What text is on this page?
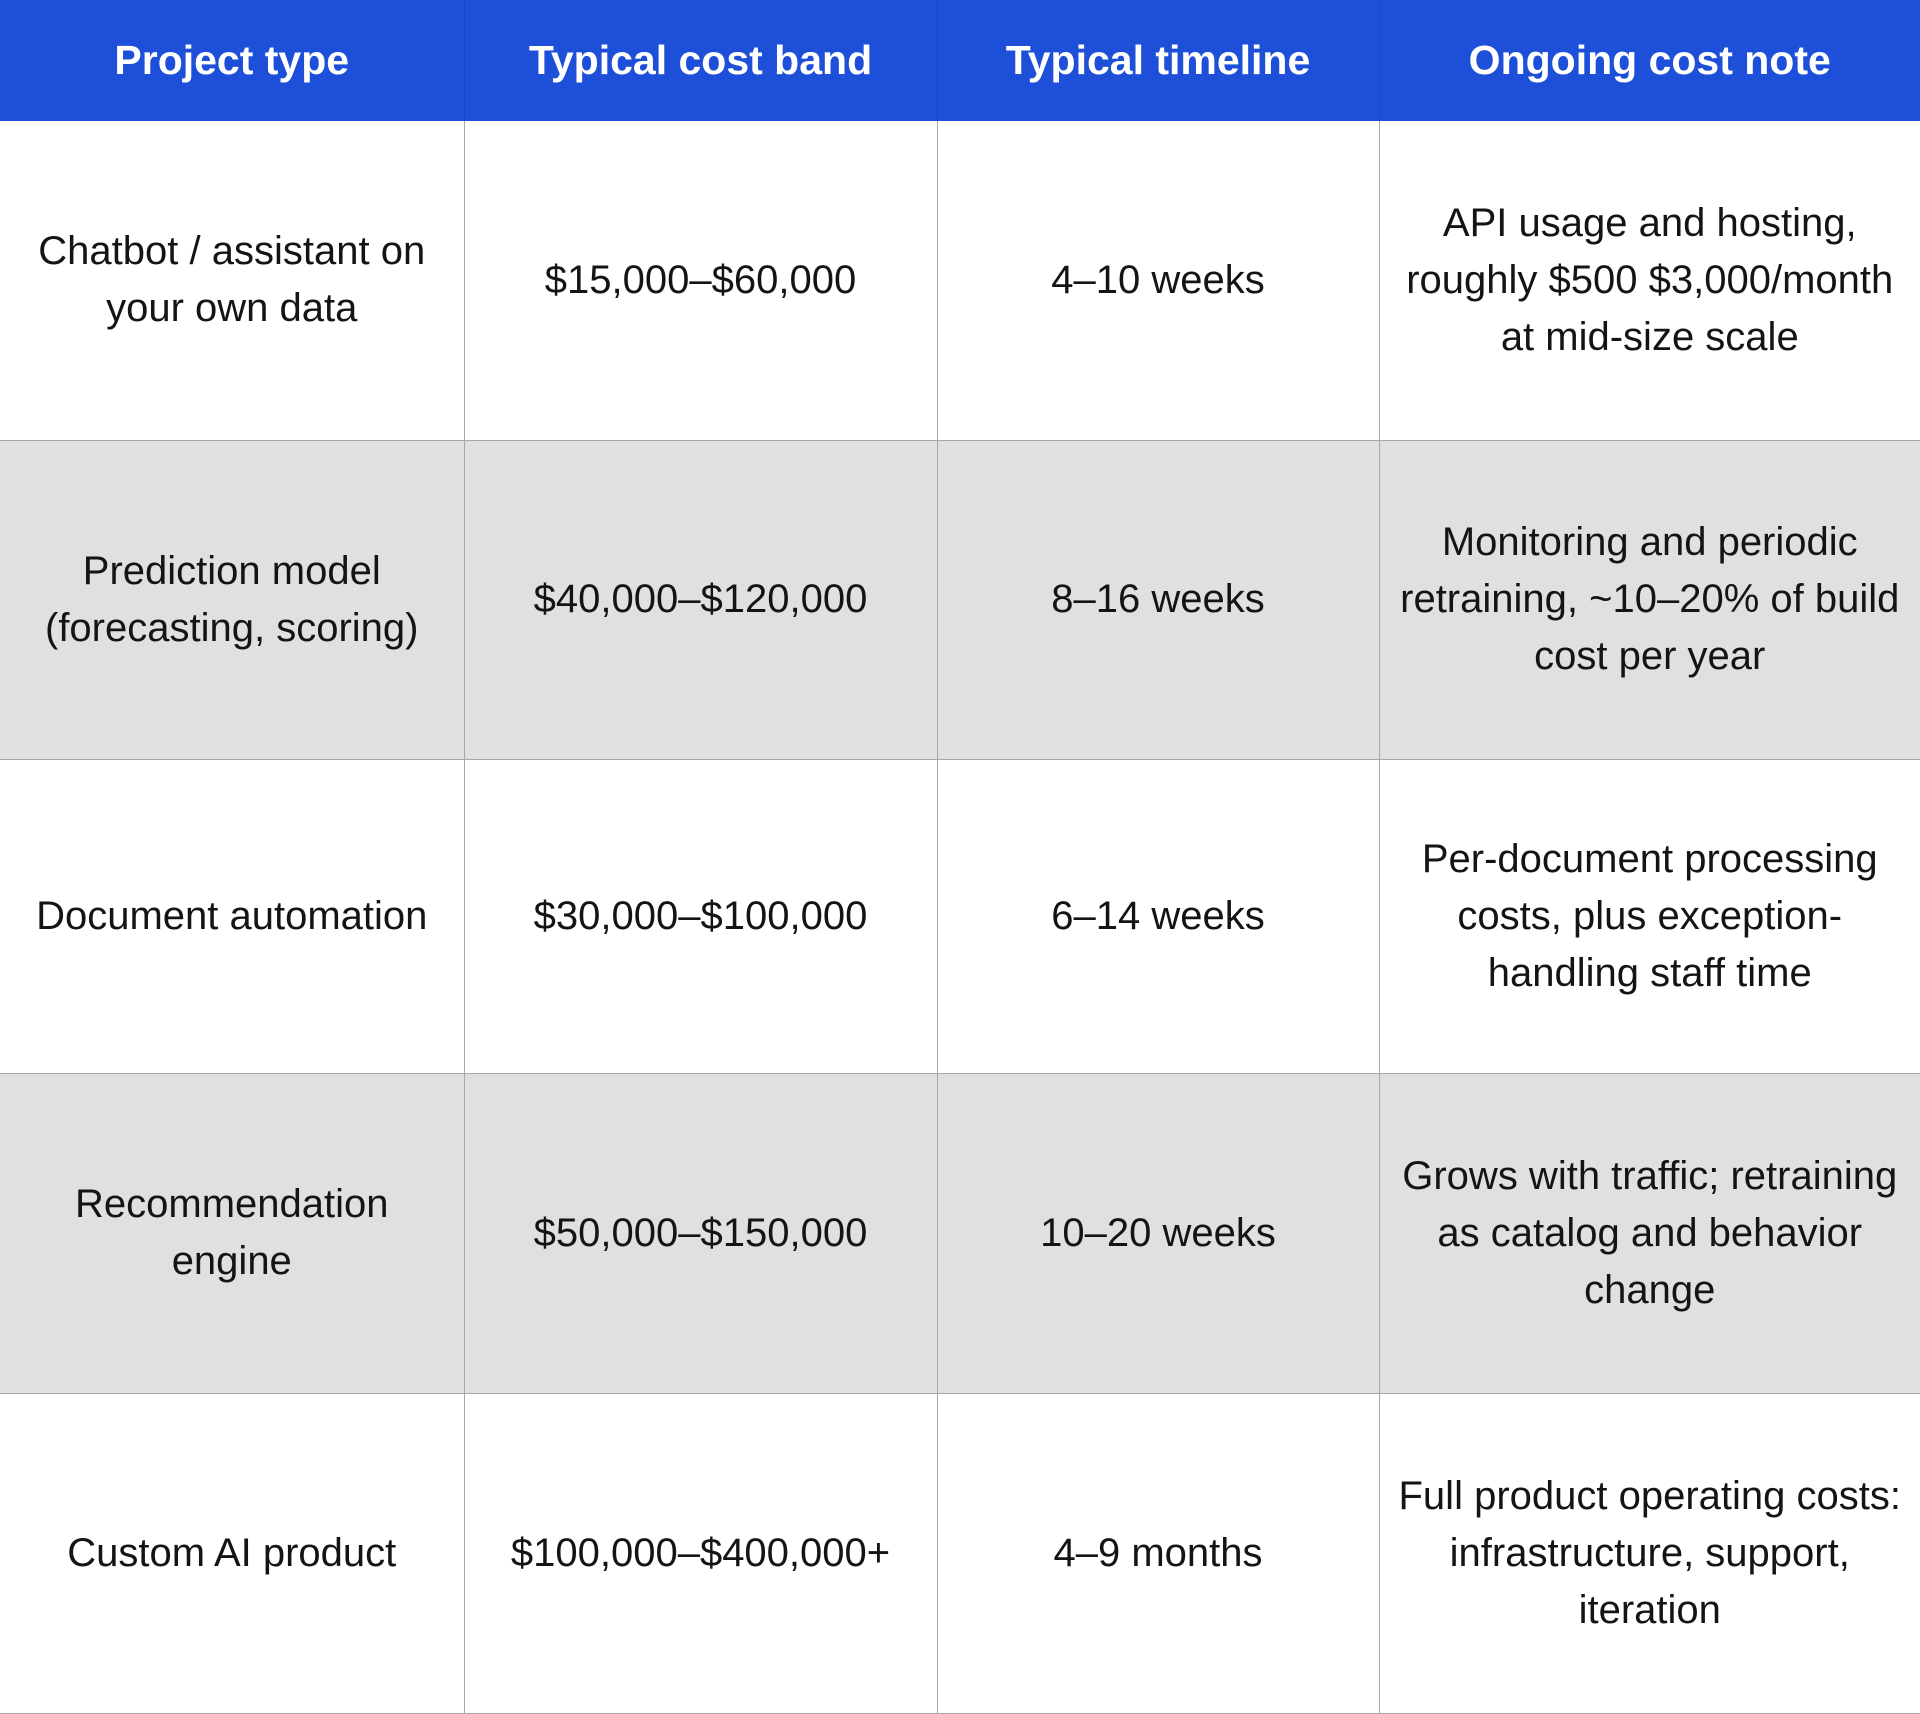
Project type	Typical cost band	Typical timeline	Ongoing cost note
Chatbot / assistant on your own data	$15,000–$60,000	4–10 weeks	API usage and hosting, roughly $500 $3,000/month at mid-size scale
Prediction model (forecasting, scoring)	$40,000–$120,000	8–16 weeks	Monitoring and periodic retraining, ~10–20% of build cost per year
Document automation	$30,000–$100,000	6–14 weeks	Per-document processing costs, plus exception-handling staff time
Recommendation engine	$50,000–$150,000	10–20 weeks	Grows with traffic; retraining as catalog and behavior change
Custom AI product	$100,000–$400,000+	4–9 months	Full product operating costs: infrastructure, support, iteration
